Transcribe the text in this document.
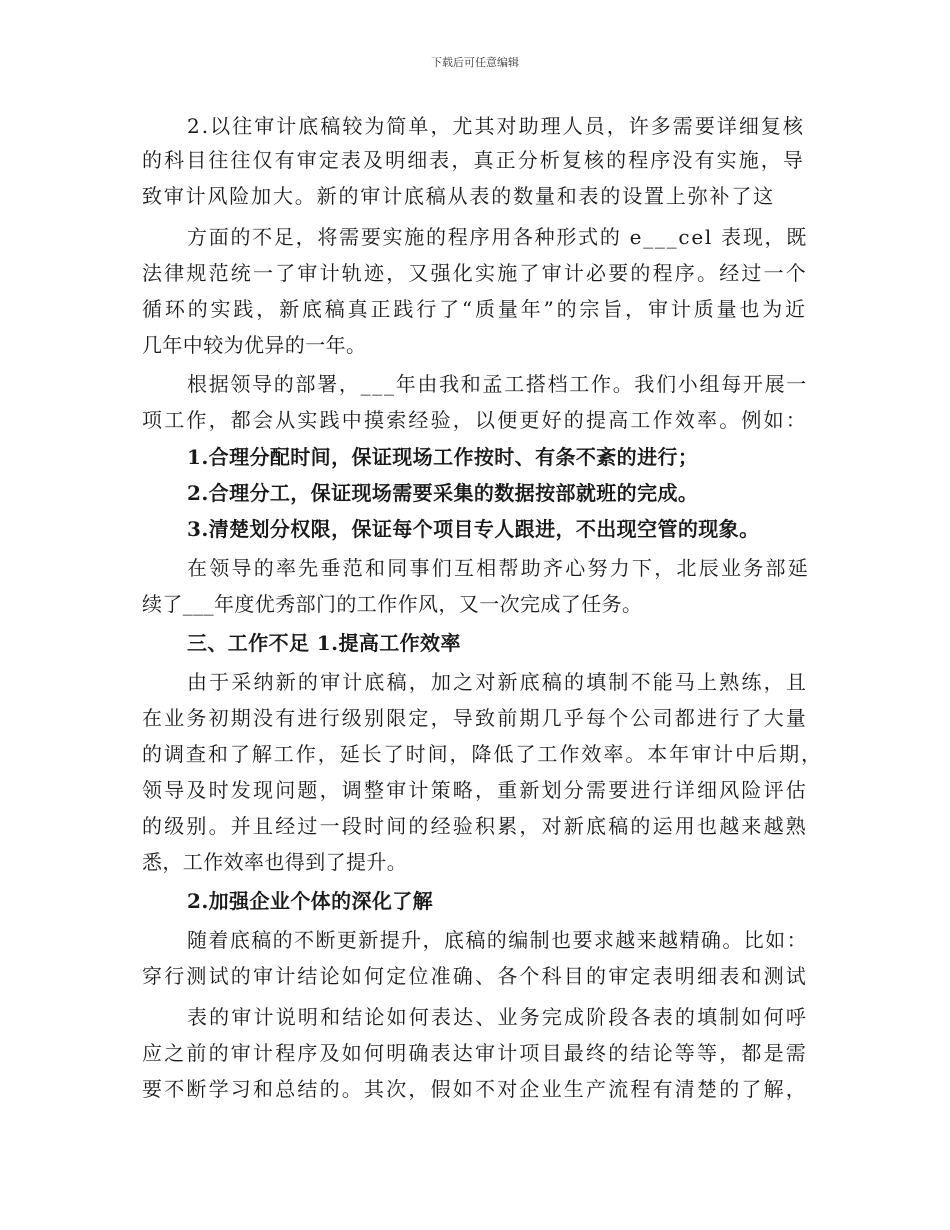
下载后可任意编辑
2.以往审计底稿较为简单，尤其对助理人员，许多需要详细复核
的科目往往仅有审定表及明细表，真正分析复核的程序没有实施，导
致审计风险加大。新的审计底稿从表的数量和表的设置上弥补了这
方面的不足，将需要实施的程序用各种形式的 e___cel 表现，既
法律规范统一了审计轨迹，又强化实施了审计必要的程序。经过一个
循环的实践，新底稿真正践行了“质量年”的宗旨，审计质量也为近
几年中较为优异的一年。
根据领导的部署，___年由我和孟工搭档工作。我们小组每开展一
项工作，都会从实践中摸索经验，以便更好的提高工作效率。例如：
1.合理分配时间，保证现场工作按时、有条不紊的进行；
2.合理分工，保证现场需要采集的数据按部就班的完成。
3.清楚划分权限，保证每个项目专人跟进，不出现空管的现象。
在领导的率先垂范和同事们互相帮助齐心努力下，北辰业务部延
续了___年度优秀部门的工作作风，又一次完成了任务。
三、工作不足 1.提高工作效率
由于采纳新的审计底稿，加之对新底稿的填制不能马上熟练，且
在业务初期没有进行级别限定，导致前期几乎每个公司都进行了大量
的调查和了解工作，延长了时间，降低了工作效率。本年审计中后期，
领导及时发现问题，调整审计策略，重新划分需要进行详细风险评估
的级别。并且经过一段时间的经验积累，对新底稿的运用也越来越熟
悉，工作效率也得到了提升。
2.加强企业个体的深化了解
随着底稿的不断更新提升，底稿的编制也要求越来越精确。比如：
穿行测试的审计结论如何定位准确、各个科目的审定表明细表和测试
表的审计说明和结论如何表达、业务完成阶段各表的填制如何呼
应之前的审计程序及如何明确表达审计项目最终的结论等等，都是需
要不断学习和总结的。其次，假如不对企业生产流程有清楚的了解，
